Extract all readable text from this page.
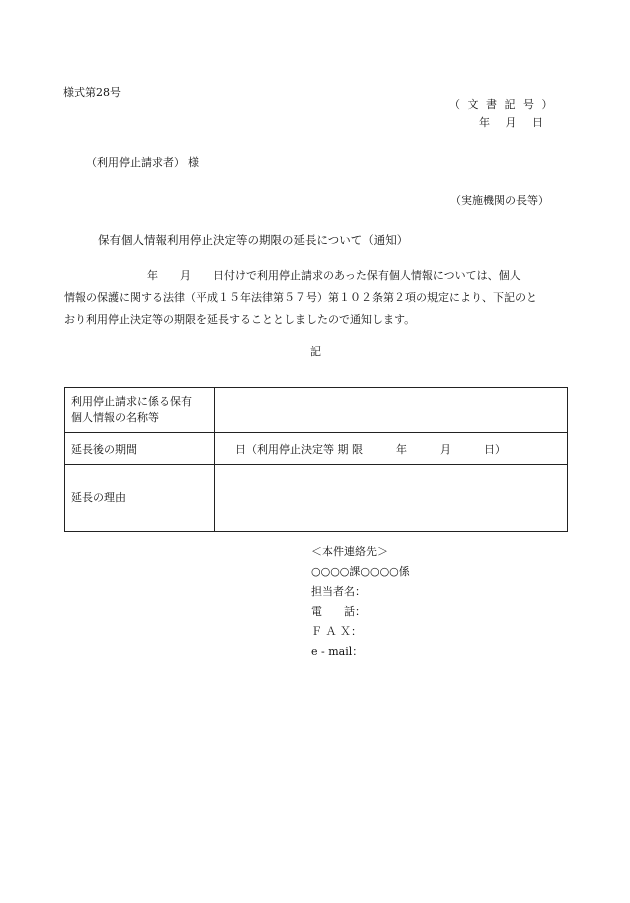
様式第28号
（ 文 書 記 号 ）
年 月 日
（利用停止請求者） 様
（実施機関の長等）
保有個人情報利用停止決定等の期限の延長について（通知）
年　　月　　日付けで利用停止請求のあった保有個人情報については、個人
情報の保護に関する法律（平成１５年法律第５７号）第１０２条第２項の規定により、下記のと
おり利用停止決定等の期限を延長することとしましたので通知します。
記
利用停止請求に係る保有
個人情報の名称等
延長後の期間	日（利用停止決定等 期 限　　　年　　　月　　　日）
延長の理由
＜本件連絡先＞
○○○○課○○○○係
担当者名：
電　　話：
Ｆ Ａ Ｘ：
e - mail：
